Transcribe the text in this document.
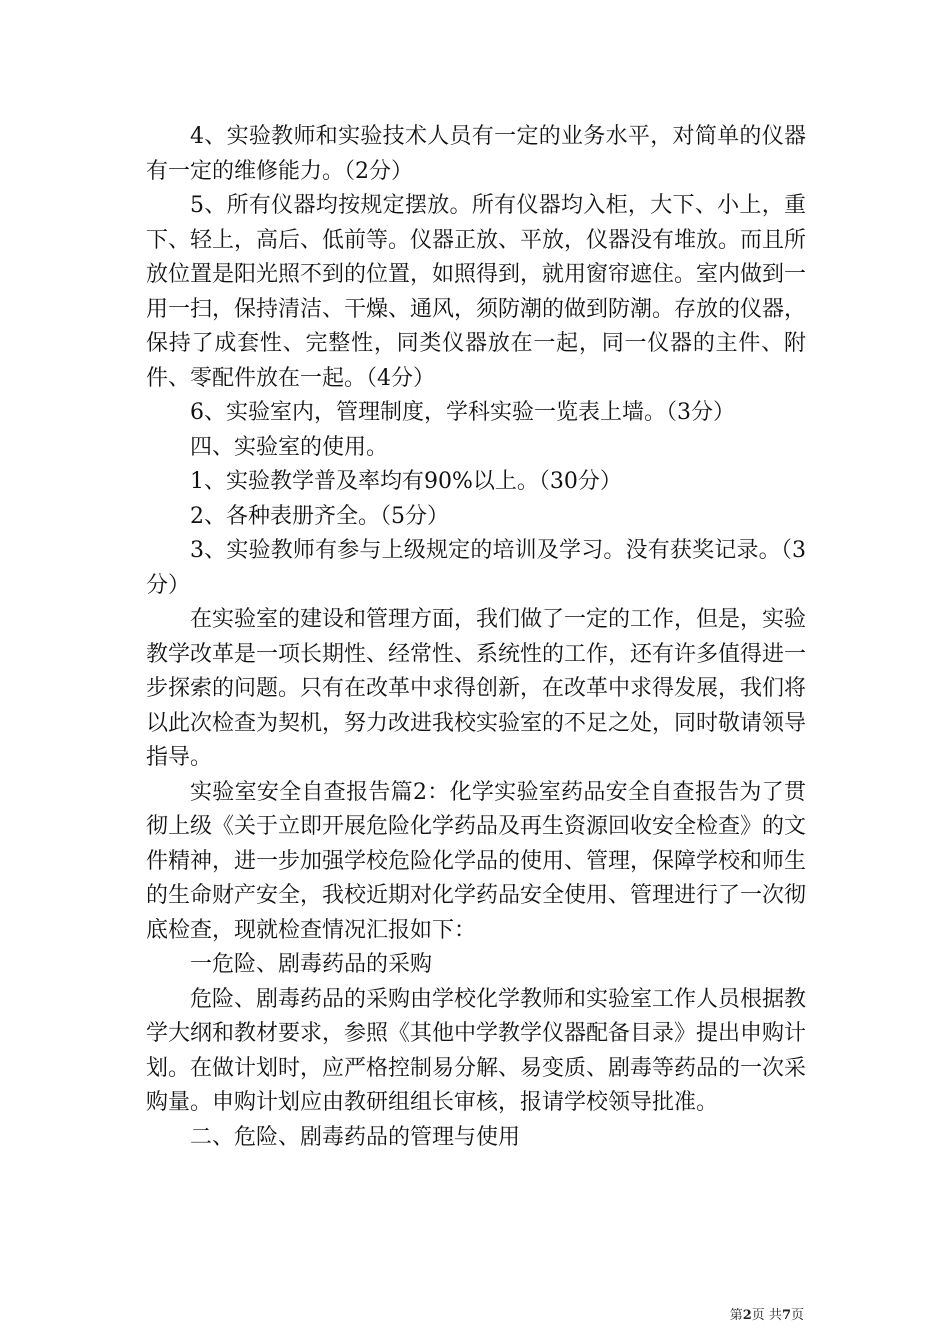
4、实验教师和实验技术人员有一定的业务水平，对简单的仪器有一定的维修能力。（2分）

5、所有仪器均按规定摆放。所有仪器均入柜，大下、小上，重下、轻上，高后、低前等。仪器正放、平放，仪器没有堆放。而且所放位置是阳光照不到的位置，如照得到，就用窗帘遮住。室内做到一用一扫，保持清洁、干燥、通风，须防潮的做到防潮。存放的仪器，保持了成套性、完整性，同类仪器放在一起，同一仪器的主件、附件、零配件放在一起。（4分）

6、实验室内，管理制度，学科实验一览表上墙。（3分）

四、实验室的使用。

1、实验教学普及率均有90%以上。（30分）

2、各种表册齐全。（5分）

3、实验教师有参与上级规定的培训及学习。没有获奖记录。（3分）

在实验室的建设和管理方面，我们做了一定的工作，但是，实验教学改革是一项长期性、经常性、系统性的工作，还有许多值得进一步探索的问题。只有在改革中求得创新，在改革中求得发展，我们将以此次检查为契机，努力改进我校实验室的不足之处，同时敬请领导指导。

实验室安全自查报告篇2：化学实验室药品安全自查报告为了贯彻上级《关于立即开展危险化学药品及再生资源回收安全检查》的文件精神，进一步加强学校危险化学品的使用、管理，保障学校和师生的生命财产安全，我校近期对化学药品安全使用、管理进行了一次彻底检查，现就检查情况汇报如下：

一危险、剧毒药品的采购

危险、剧毒药品的采购由学校化学教师和实验室工作人员根据教学大纲和教材要求，参照《其他中学教学仪器配备目录》提出申购计划。在做计划时，应严格控制易分解、易变质、剧毒等药品的一次采购量。申购计划应由教研组组长审核，报请学校领导批准。

二、危险、剧毒药品的管理与使用

第2页 共7页
